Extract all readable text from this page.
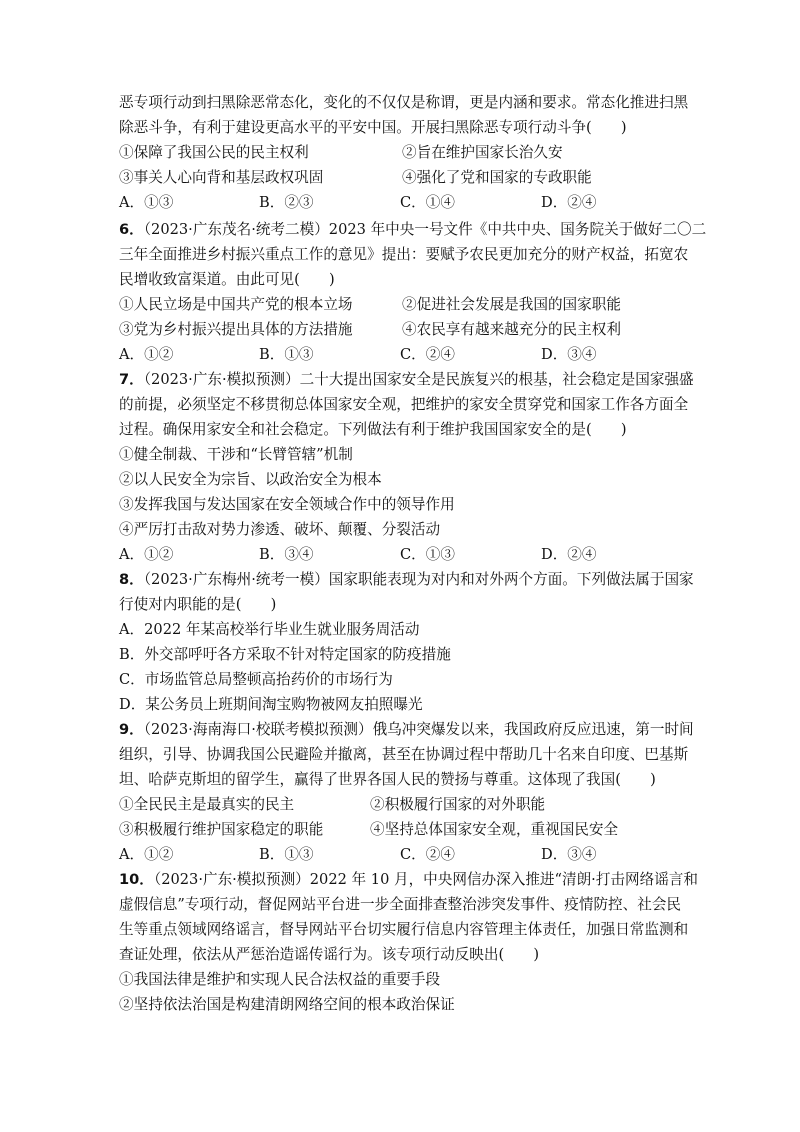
恶专项行动到扫黑除恶常态化，变化的不仅仅是称谓，更是内涵和要求。常态化推进扫黑
除恶斗争，有利于建设更高水平的平安中国。开展扫黑除恶专项行动斗争(　　)
①保障了我国公民的民主权利	②旨在维护国家长治久安
③事关人心向背和基层政权巩固	④强化了党和国家的专政职能
A．①③	B．②③	C．①④	D．②④
6．（2023·广东茂名·统考二模）2023 年中央一号文件《中共中央、国务院关于做好二〇二
三年全面推进乡村振兴重点工作的意见》提出：要赋予农民更加充分的财产权益，拓宽农
民增收致富渠道。由此可见(　　)
①人民立场是中国共产党的根本立场	②促进社会发展是我国的国家职能
③党为乡村振兴提出具体的方法措施	④农民享有越来越充分的民主权利
A．①②	B．①③	C．②④	D．③④
7．（2023·广东·模拟预测）二十大提出国家安全是民族复兴的根基，社会稳定是国家强盛
的前提，必须坚定不移贯彻总体国家安全观，把维护的家安全贯穿党和国家工作各方面全
过程。确保用家安全和社会稳定。下列做法有利于维护我国国家安全的是(　　)
①健全制裁、干涉和“长臂管辖”机制
②以人民安全为宗旨、以政治安全为根本
③发挥我国与发达国家在安全领域合作中的领导作用
④严厉打击敌对势力渗透、破坏、颠覆、分裂活动
A．①②	B．③④	C．①③	D．②④
8．（2023·广东梅州·统考一模）国家职能表现为对内和对外两个方面。下列做法属于国家
行使对内职能的是(　　)
A．2022 年某高校举行毕业生就业服务周活动
B．外交部呼吁各方采取不针对特定国家的防疫措施
C．市场监管总局整顿高抬药价的市场行为
D．某公务员上班期间淘宝购物被网友拍照曝光
9．（2023·海南海口·校联考模拟预测）俄乌冲突爆发以来，我国政府反应迅速，第一时间
组织，引导、协调我国公民避险并撤离，甚至在协调过程中帮助几十名来自印度、巴基斯
坦、哈萨克斯坦的留学生，赢得了世界各国人民的赞扬与尊重。这体现了我国(　　)
①全民民主是最真实的民主	②积极履行国家的对外职能
③积极履行维护国家稳定的职能	④坚持总体国家安全观，重视国民安全
A．①②	B．①③	C．②④	D．③④
10．（2023·广东·模拟预测）2022 年 10 月，中央网信办深入推进“清朗·打击网络谣言和
虚假信息”专项行动，督促网站平台进一步全面排查整治涉突发事件、疫情防控、社会民
生等重点领域网络谣言，督导网站平台切实履行信息内容管理主体责任，加强日常监测和
查证处理，依法从严惩治造谣传谣行为。该专项行动反映出(　　)
①我国法律是维护和实现人民合法权益的重要手段
②坚持依法治国是构建清朗网络空间的根本政治保证
